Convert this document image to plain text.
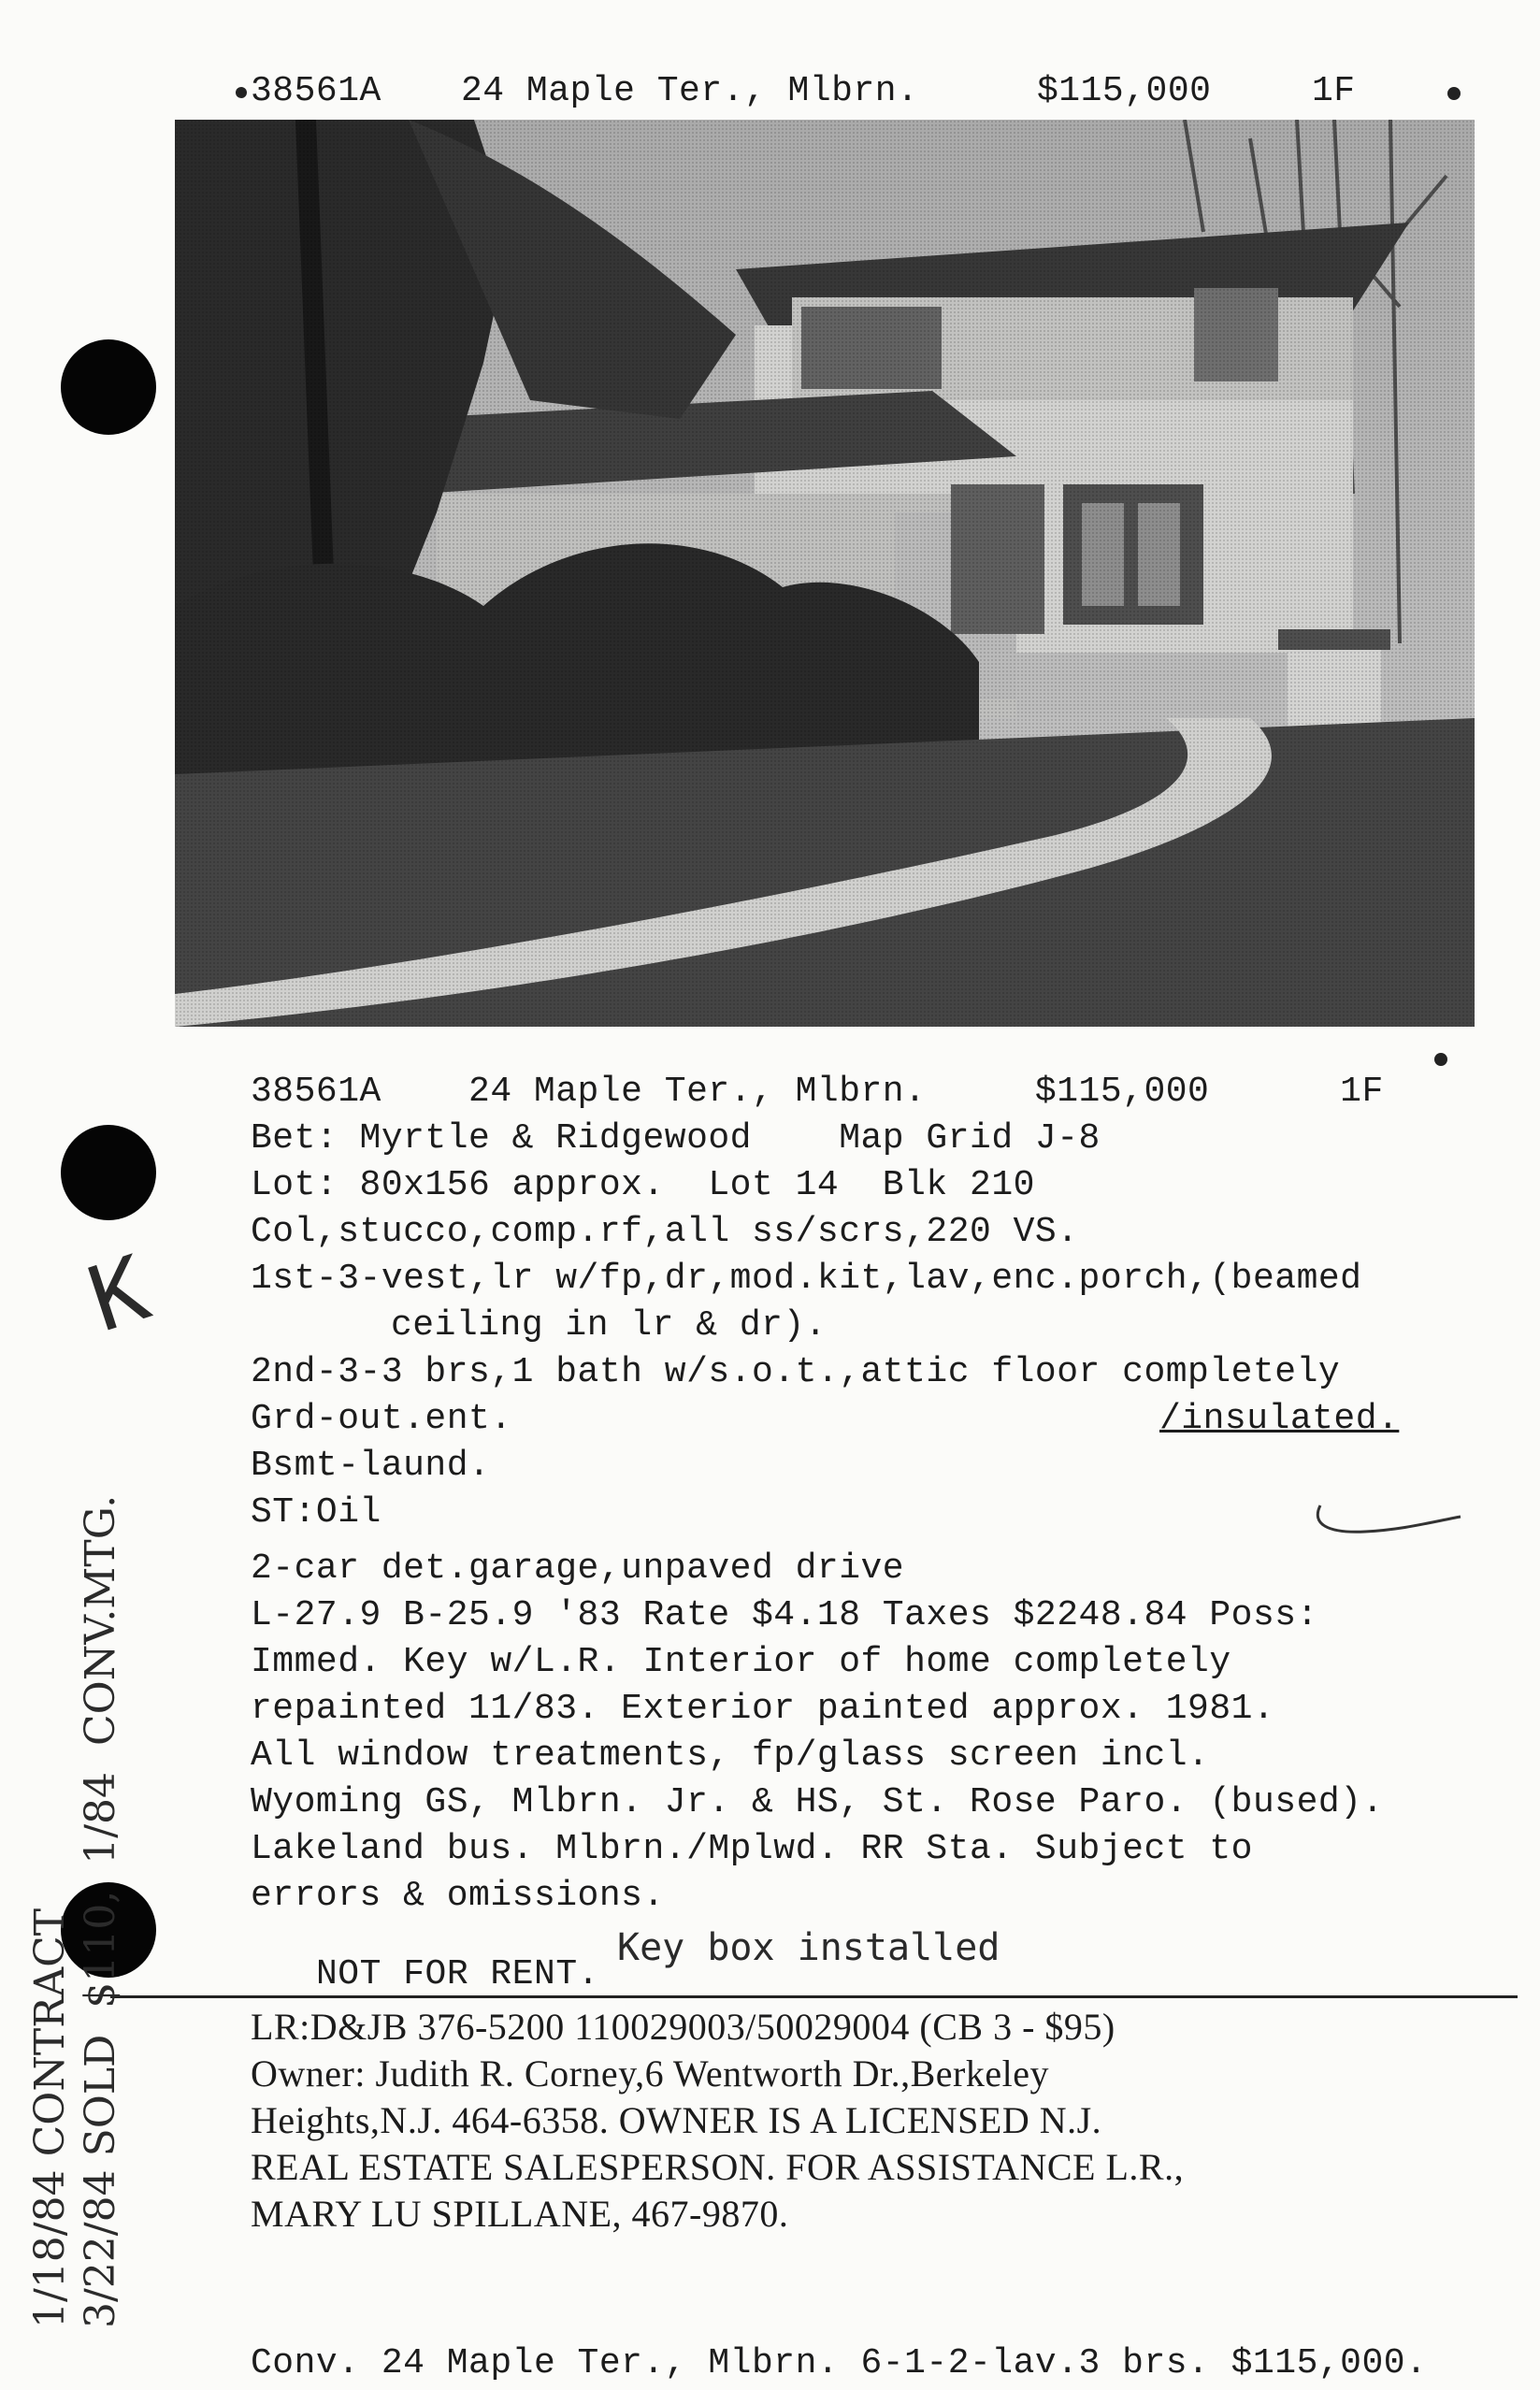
38561A 24 Maple Ter., Mlbrn.	$115,000	1F
38561A    24 Maple Ter., Mlbrn.     $115,000      1F
Bet: Myrtle & Ridgewood    Map Grid J-8
Lot: 80x156 approx.  Lot 14  Blk 210
Col,stucco,comp.rf,all ss/scrs,220 VS.
1st-3-vest,lr w/fp,dr,mod.kit,lav,enc.porch,(beamed
ceiling in lr & dr).
2nd-3-3 brs,1 bath w/s.o.t.,attic floor completely
Grd-out.ent.	/insulated.
Bsmt-laund.
ST:Oil
2-car det.garage,unpaved drive
L-27.9 B-25.9 '83 Rate $4.18 Taxes $2248.84 Poss:
Immed. Key w/L.R. Interior of home completely
repainted 11/83. Exterior painted approx. 1981.
All window treatments, fp/glass screen incl.
Wyoming GS, Mlbrn. Jr. & HS, St. Rose Paro. (bused).
Lakeland bus. Mlbrn./Mplwd. RR Sta. Subject to
errors & omissions.
NOT FOR RENT.
Key box installed
LR:D&JB 376-5200 110029003/50029004 (CB 3 - $95)
Owner: Judith R. Corney,6 Wentworth Dr.,Berkeley
Heights,N.J. 464-6358. OWNER IS A LICENSED N.J.
REAL ESTATE SALESPERSON. FOR ASSISTANCE L.R.,
MARY LU SPILLANE, 467-9870.
Conv. 24 Maple Ter., Mlbrn. 6-1-2-lav.3 brs. $115,000.
1/18/84 CONTRACT 3/22/84 SOLD  $110,  1/84  CONV.MTG.
K
